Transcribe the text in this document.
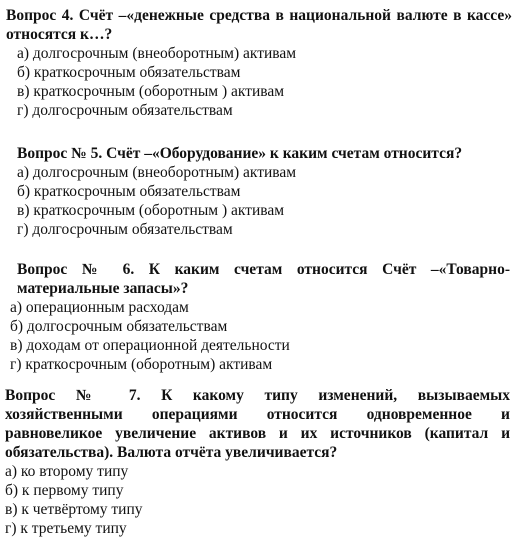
Вопрос 4. Счёт –«денежные средства в национальной валюте в кассе» относятся к…?
а) долгосрочным (внеоборотным) активам
б) краткосрочным обязательствам
в) краткосрочным (оборотным ) активам
г) долгосрочным обязательствам
Вопрос № 5. Счёт –«Оборудование» к каким счетам относится?
а) долгосрочным (внеоборотным) активам
б) краткосрочным обязательствам
в) краткосрочным (оборотным ) активам
г) долгосрочным обязательствам
Вопрос № 6. К каким счетам относится Счёт –«Товарно-
материальные запасы»?
а) операционным расходам
б) долгосрочным обязательствам
в) доходам от операционной деятельности
г) краткосрочным (оборотным) активам
Вопрос № 7. К какому типу изменений, вызываемых
хозяйственными операциями относится одновременное и
равновеликое увеличение активов и их источников (капитал и
обязательства). Валюта отчёта увеличивается?
а) ко второму типу
б) к первому типу
в) к четвёртому типу
г) к третьему типу
